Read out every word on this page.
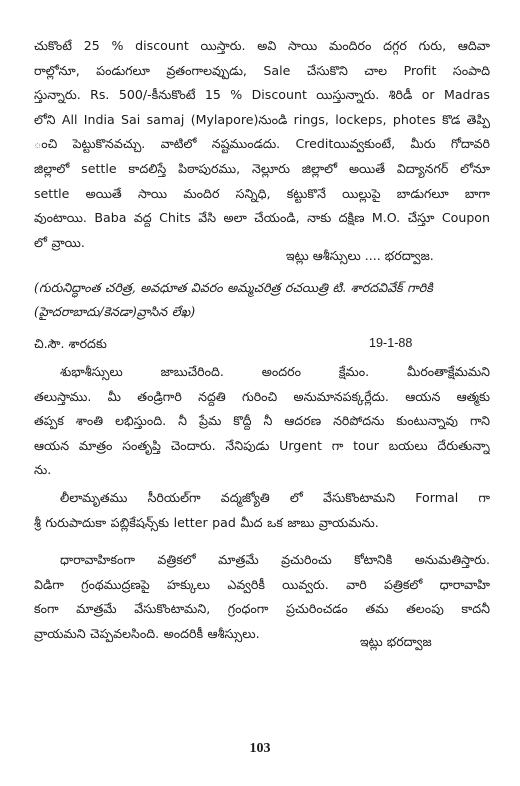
చుకొంటే 25 % discount యిస్తారు. అవి సాయి మందిరం దగ్గర గురు, ఆదివా
రాల్లోనూ, పండుగలూ వ్రతంగాలవ్పుడు, Sale చేసుకొని చాల Profit సంపాది
స్తున్నారు. Rs. 500/-కీనుకొంటే 15 % Discount యిస్తున్నారు. శిరిడీ or Madras
లోని All India Sai samaj (Mylapore)నుండి rings, lockeps, photes కొడ తెప్పి
ంచి పెట్టుకొనవచ్చు. వాటిలో నష్టముండదు. Creditయివ్వకుంటే, మీరు గోదావరి
జిల్లాలో settle కాదలిస్తే పిఠాపురము, నెల్లూరు జిల్లాలో అయితే విద్యానగర్ లోనూ
settle అయితే సాయి మందిర సన్నిధి, కట్టుకొనే యిల్లుపై బాడుగలూ బాగా
వుంటాయి. Baba వద్ద Chits వేసి అలా చేయండి, నాకు దక్షిణ M.O. చేస్తూ Coupon
లో వ్రాయి.
ఇట్లు ఆశీస్సులు .... భరద్వాజ.
(గురునిద్ధాంత చరిత్ర, అవధూత వివరం అమ్మచరిత్ర రచయిత్రి టి. శారదవివేక్ గారికి
(హైదరాబాదు/కెనడా)వ్రాసిన లేఖ)
చి.సౌ. శారదకు	19-1-88
శుభాశీస్సులు జాబుచేరింది. అందరం క్షేమం. మీరంతాక్షేమమని
తలుస్తాము. మీ తండ్రిగారి నద్దతి గురించి అనుమానపక్కర్లేదు. ఆయన ఆత్మకు
తప్పక శాంతి లభిస్తుంది. నీ ప్రేమ కొద్దీ నీ ఆదరణ నరిపోదను కుంటున్నావు గాని
ఆయన మాత్రం సంతృప్తి చెందారు. నేనిపుడు Urgent గా tour బయలు దేరుతున్నా
ను.
లీలామృతము సీరియల్‌గా వద్మజ్యోతి లో వేసుకొంటామని Formal గా
శ్రీ గురుపాదుకా పబ్లికేషన్స్‌కు letter pad మీద ఒక జాబు వ్రాయమను.
ధారావాహికంగా వత్రికలో మాత్రమే వ్రచురించు కోటానికి అనుమతిస్తారు.
విడిగా గ్రంథముద్రణపై హక్కులు ఎవ్వరికీ యివ్వరు. వారి పత్రికలో ధారావాహి
కంగా మాత్రమే వేసుకొంటామని, గ్రంధంగా ప్రచురించడం తమ తలంపు కాదనీ
వ్రాయమని చెప్పవలసింది. అందరికీ ఆశీస్సులు.
ఇట్లు భరద్వాజ
103
